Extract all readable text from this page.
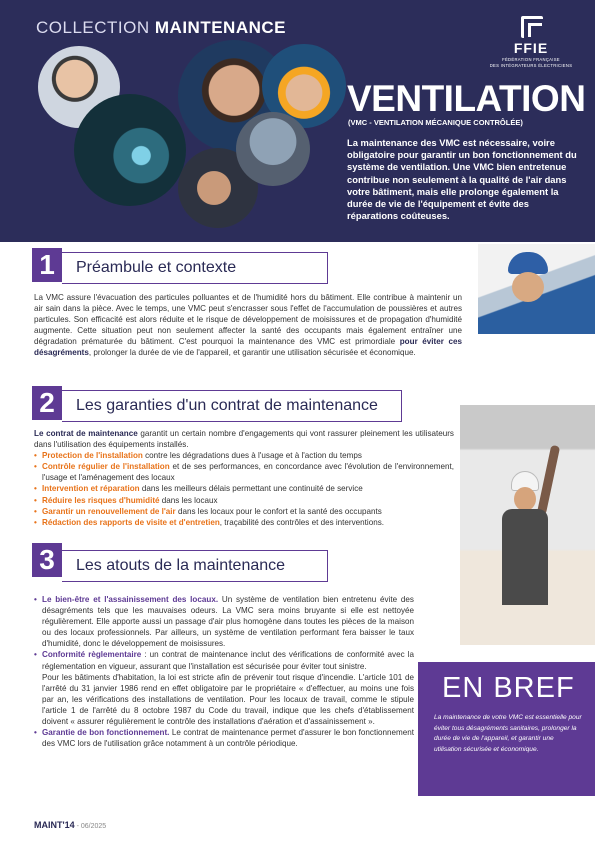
COLLECTION MAINTENANCE
FFIE
FÉDÉRATION FRANÇAISE
DES INTÉGRATEURS ÉLECTRICIENS
VENTILATION
(VMC - VENTILATION MÉCANIQUE CONTRÔLÉE)
La maintenance des VMC est nécessaire, voire obligatoire pour garantir un bon fonctionnement du système de ventilation. Une VMC bien entretenue contribue non seulement à la qualité de l'air dans votre bâtiment, mais elle prolonge également la durée de vie de l'équipement et évite des réparations coûteuses.
1	Préambule et contexte
La VMC assure l'évacuation des particules polluantes et de l'humidité hors du bâtiment. Elle contribue à maintenir un air sain dans la pièce. Avec le temps, une VMC peut s'encrasser sous l'effet de l'accumulation de poussières et autres particules. Son efficacité est alors réduite et le risque de développement de moisissures et de propagation d'humidité augmente. Cette situation peut non seulement affecter la santé des occupants mais également entraîner une dégradation prématurée du bâtiment. C'est pourquoi la maintenance des VMC est primordiale pour éviter ces désagréments, prolonger la durée de vie de l'appareil, et garantir une utilisation sécurisée et économique.
2	Les garanties d'un contrat de maintenance
Le contrat de maintenance garantit un certain nombre d'engagements qui vont rassurer pleinement les utilisateurs dans l'utilisation des équipements installés.
• Protection de l'installation contre les dégradations dues à l'usage et à l'action du temps
• Contrôle régulier de l'installation et de ses performances, en concordance avec l'évolution de l'environnement, l'usage et l'aménagement des locaux
• Intervention et réparation dans les meilleurs délais permettant une continuité de service
• Réduire les risques d'humidité dans les locaux
• Garantir un renouvellement de l'air dans les locaux pour le confort et la santé des occupants
• Rédaction des rapports de visite et d'entretien, traçabilité des contrôles et des interventions.
3	Les atouts de la maintenance
• Le bien-être et l'assainissement des locaux. Un système de ventilation bien entretenu évite des désagréments tels que les mauvaises odeurs. La VMC sera moins bruyante si elle est nettoyée régulièrement. Elle apporte aussi un passage d'air plus homogène dans toutes les pièces de la maison ou des locaux professionnels. Par ailleurs, un système de ventilation performant fera baisser le taux d'humidité, donc le développement de moisissures.
• Conformité règlementaire : un contrat de maintenance inclut des vérifications de conformité avec la réglementation en vigueur, assurant que l'installation est sécurisée pour éviter tout sinistre.
Pour les bâtiments d'habitation, la loi est stricte afin de prévenir tout risque d'incendie. L'article 101 de l'arrêté du 31 janvier 1986 rend en effet obligatoire par le propriétaire « d'effectuer, au moins une fois par an, les vérifications des installations de ventilation. Pour les locaux de travail, comme le stipule l'article 1 de l'arrêté du 8 octobre 1987 du Code du travail, indique que les chefs d'établissement doivent « assurer régulièrement le contrôle des installations d'aération et d'assainissement ».
• Garantie de bon fonctionnement. Le contrat de maintenance permet d'assurer le bon fonctionnement des VMC lors de l'utilisation grâce notamment à un contrôle périodique.
EN BREF
La maintenance de votre VMC est essentielle pour éviter tous désagréments sanitaires, prolonger la durée de vie de l'appareil, et garantir une utilisation sécurisée et économique.
MAINT'14 - 06/2025
